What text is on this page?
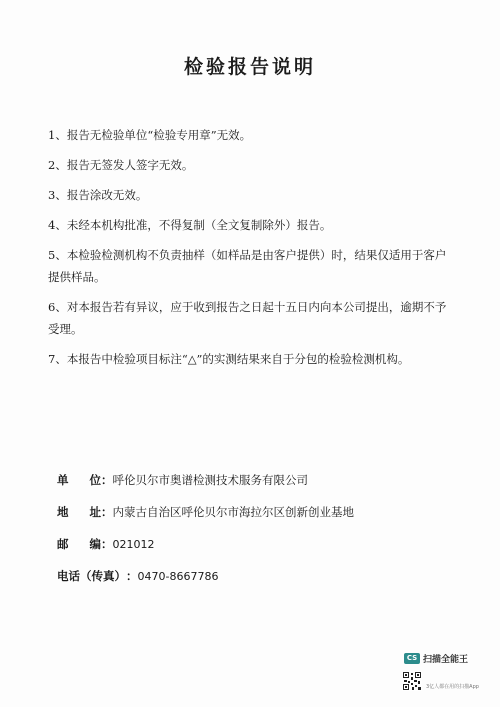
检验报告说明
1、报告无检验单位“检验专用章”无效。
2、报告无签发人签字无效。
3、报告涂改无效。
4、未经本机构批准，不得复制（全文复制除外）报告。
5、本检验检测机构不负责抽样（如样品是由客户提供）时，结果仅适用于客户提供样品。
6、对本报告若有异议，应于收到报告之日起十五日内向本公司提出，逾期不予受理。
7、本报告中检验项目标注“△”的实测结果来自于分包的检验检测机构。
单位：呼伦贝尔市奥谱检测技术服务有限公司
地址：内蒙古自治区呼伦贝尔市海拉尔区创新创业基地
邮编：021012
电话（传真）：0470-8667786
CS 扫描全能王
3亿人都在用的扫描App
